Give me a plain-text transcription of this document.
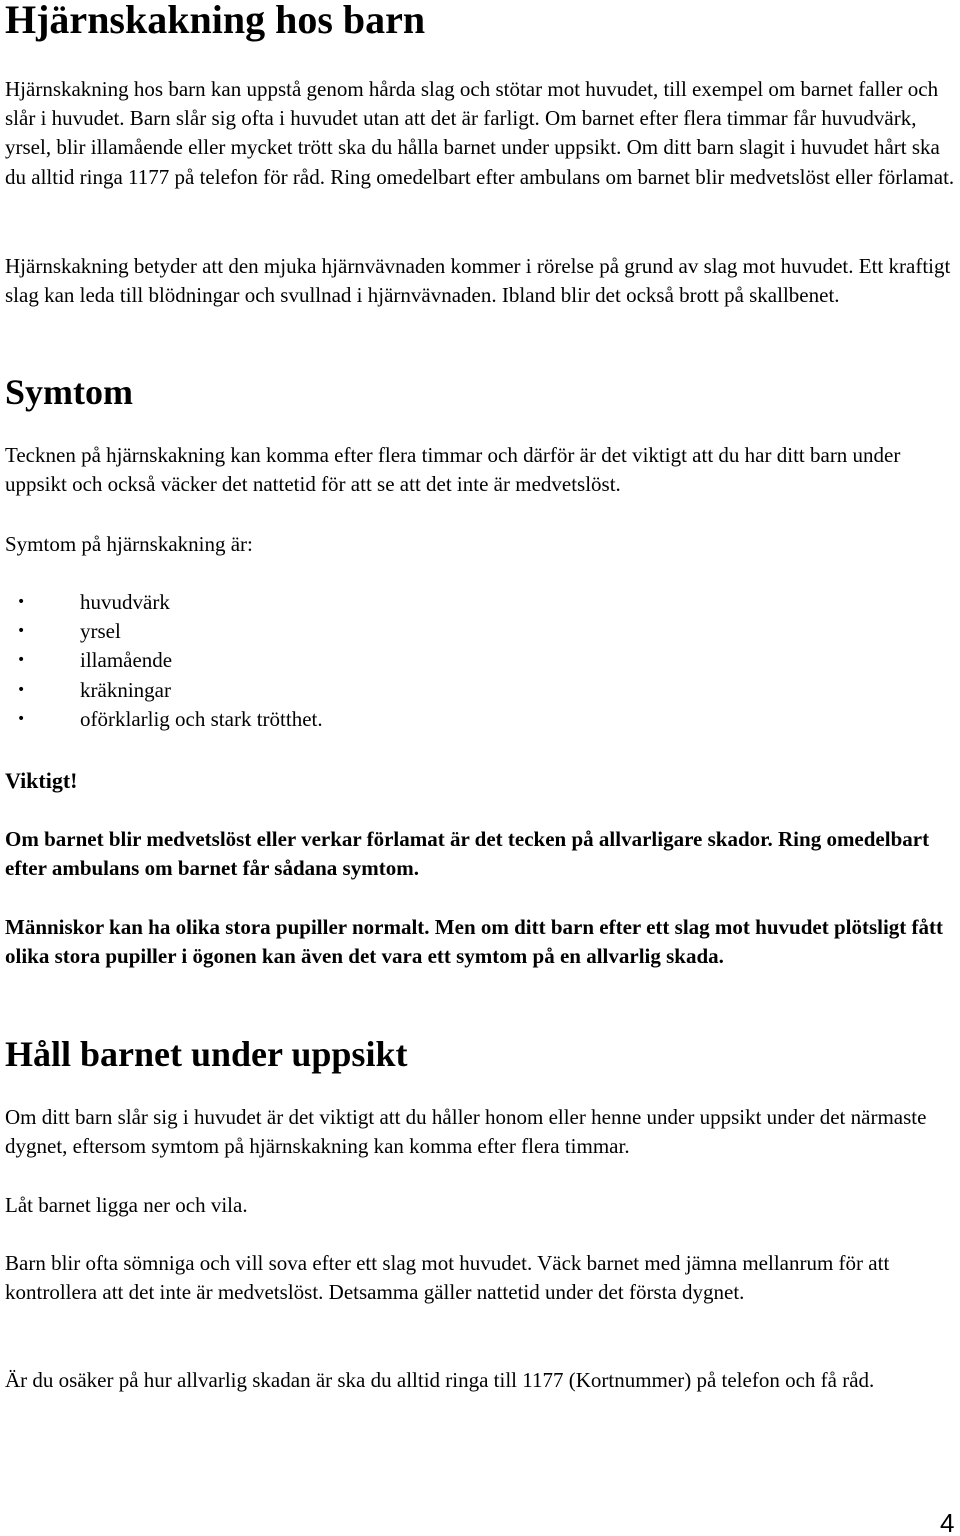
Hjärnskakning hos barn

Hjärnskakning hos barn kan uppstå genom hårda slag och stötar mot huvudet, till exempel om barnet faller och slår i huvudet. Barn slår sig ofta i huvudet utan att det är farligt. Om barnet efter flera timmar får huvudvärk, yrsel, blir illamående eller mycket trött ska du hålla barnet under uppsikt. Om ditt barn slagit i huvudet hårt ska du alltid ringa 1177 på telefon för råd. Ring omedelbart efter ambulans om barnet blir medvetslöst eller förlamat.

Hjärnskakning betyder att den mjuka hjärnvävnaden kommer i rörelse på grund av slag mot huvudet. Ett kraftigt slag kan leda till blödningar och svullnad i hjärnvävnaden. Ibland blir det också brott på skallbenet.

Symtom

Tecknen på hjärnskakning kan komma efter flera timmar och därför är det viktigt att du har ditt barn under uppsikt och också väcker det nattetid för att se att det inte är medvetslöst.

Symtom på hjärnskakning är:

•	huvudvärk
•	yrsel
•	illamående
•	kräkningar
•	oförklarlig och stark trötthet.

Viktigt!

Om barnet blir medvetslöst eller verkar förlamat är det tecken på allvarligare skador. Ring omedelbart efter ambulans om barnet får sådana symtom.

Människor kan ha olika stora pupiller normalt. Men om ditt barn efter ett slag mot huvudet plötsligt fått olika stora pupiller i ögonen kan även det vara ett symtom på en allvarlig skada.

Håll barnet under uppsikt

Om ditt barn slår sig i huvudet är det viktigt att du håller honom eller henne under uppsikt under det närmaste dygnet, eftersom symtom på hjärnskakning kan komma efter flera timmar.

Låt barnet ligga ner och vila.

Barn blir ofta sömniga och vill sova efter ett slag mot huvudet. Väck barnet med jämna mellanrum för att kontrollera att det inte är medvetslöst. Detsamma gäller nattetid under det första dygnet.

Är du osäker på hur allvarlig skadan är ska du alltid ringa till 1177 (Kortnummer) på telefon och få råd.

4
